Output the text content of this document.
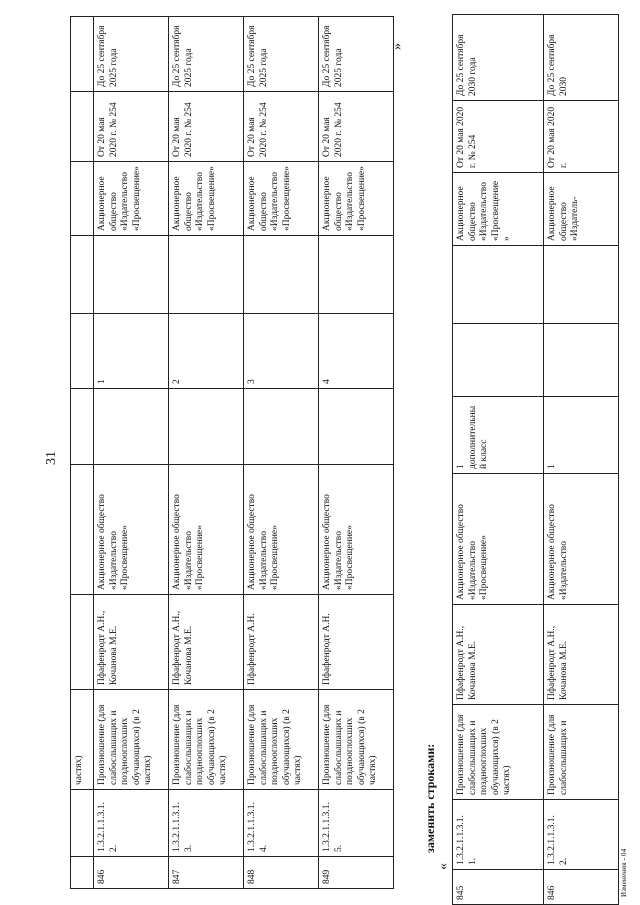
31
		частях)								
846	1.3.2.1.1.3.1. 2.	Произношение (для слабослышащих и позднооглохших обучающихся) (в 2 частях)	Пфафенродт А.Н., Кочанова М.Е.	Акционерное общество «Издательство «Просвещение»		1		Акционерное общество «Издательство «Просвещение»	От 20 мая 2020 г. № 254	До 25 сентября 2025 года
847	1.3.2.1.1.3.1. 3.	Произношение (для слабослышащих и позднооглохших обучающихся) (в 2 частях)	Пфафенродт А.Н., Кочанова М.Е.	Акционерное общество «Издательство «Просвещение»		2		Акционерное общество «Издательство «Просвещение»	От 20 мая 2020 г. № 254	До 25 сентября 2025 года
848	1.3.2.1.1.3.1. 4.	Произношение (для слабослышащих и позднооглохших обучающихся) (в 2 частях)	Пфафенродт А.Н.	Акционерное общество «Издательство «Просвещение»		3		Акционерное общество «Издательство «Просвещение»	От 20 мая 2020 г. № 254	До 25 сентября 2025 года
849	1.3.2.1.1.3.1. 5.	Произношение (для слабослышащих и позднооглохших обучающихся) (в 2 частях)	Пфафенродт А.Н.	Акционерное общество «Издательство «Просвещение»		4		Акционерное общество «Издательство «Просвещение»	От 20 мая 2020 г. № 254	До 25 сентября 2025 года
»
заменить строками:
«
845	1.3.2.1.1.3.1. 1.	Произношение (для слабослышащих и позднооглохших обучающихся) (в 2 частях)	Пфафенродт А.Н., Кочанова М.Е.	Акционерное общество «Издательство «Просвещение»	1 дополнительный класс			Акционерное общество «Издательство «Просвещение»	От 20 мая 2020 г. № 254	До 25 сентября 2030 года
846	1.3.2.1.1.3.1. 2.	Произношение (для слабослышащих и	Пфафенродт А.Н., Кочанова М.Е.	Акционерное общество «Издательство	1			Акционерное общество «Издатель-	От 20 мая 2020 г.	До 25 сентября 2030
Изменения - 04
